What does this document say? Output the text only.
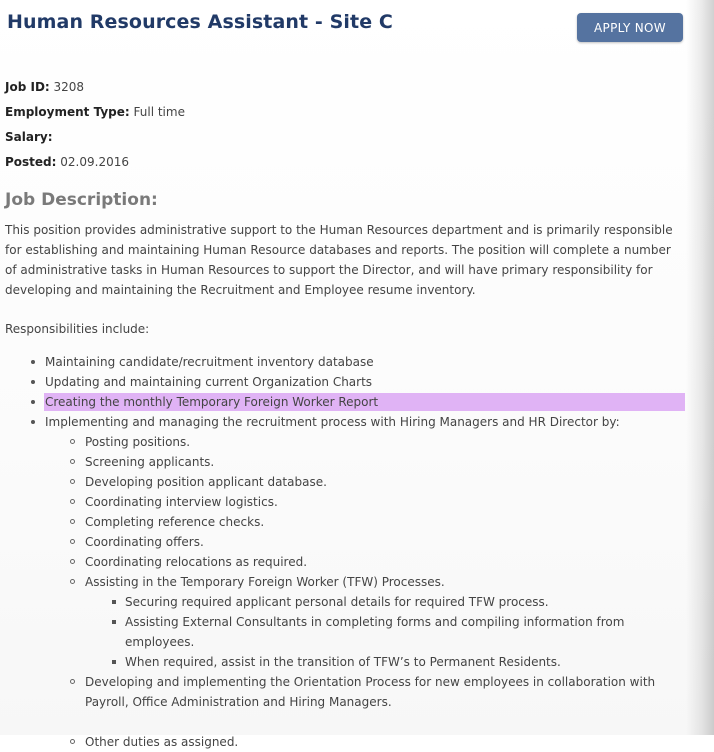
Human Resources Assistant - Site C	APPLY NOW
Job ID: 3208
Employment Type: Full time
Salary:
Posted: 02.09.2016
Job Description:

This position provides administrative support to the Human Resources department and is primarily responsible for establishing and maintaining Human Resource databases and reports. The position will complete a number of administrative tasks in Human Resources to support the Director, and will have primary responsibility for developing and maintaining the Recruitment and Employee resume inventory.

Responsibilities include:

Maintaining candidate/recruitment inventory database
Updating and maintaining current Organization Charts
Creating the monthly Temporary Foreign Worker Report
Implementing and managing the recruitment process with Hiring Managers and HR Director by:
Posting positions.
Screening applicants.
Developing position applicant database.
Coordinating interview logistics.
Completing reference checks.
Coordinating offers.
Coordinating relocations as required.
Assisting in the Temporary Foreign Worker (TFW) Processes.
Securing required applicant personal details for required TFW process.
Assisting External Consultants in completing forms and compiling information from employees.
When required, assist in the transition of TFW’s to Permanent Residents.
Developing and implementing the Orientation Process for new employees in collaboration with Payroll, Office Administration and Hiring Managers.
Other duties as assigned.
